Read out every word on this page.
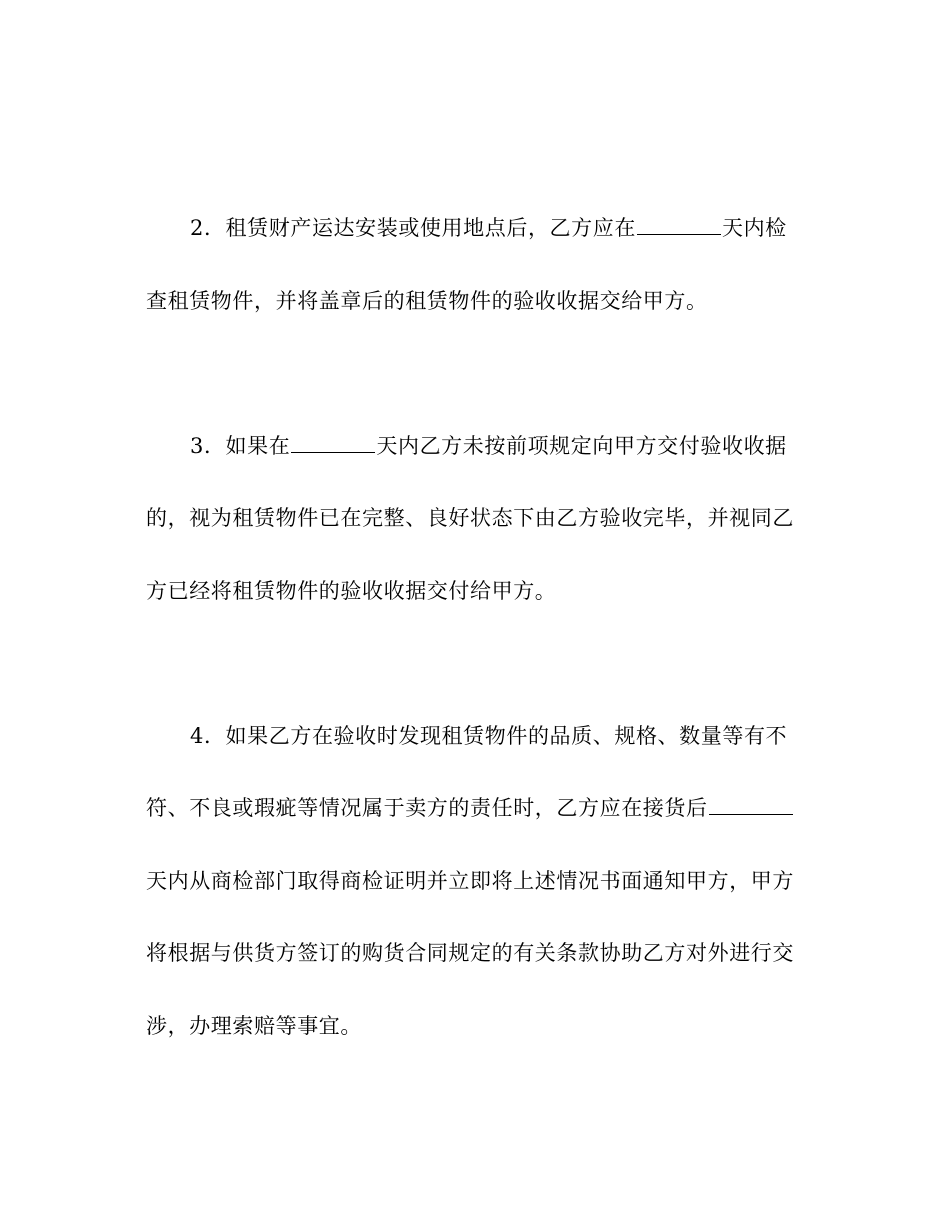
2．租赁财产运达安装或使用地点后，乙方应在	天内检
查租赁物件，并将盖章后的租赁物件的验收收据交给甲方。
3．如果在	天内乙方未按前项规定向甲方交付验收收据
的，视为租赁物件已在完整、良好状态下由乙方验收完毕，并视同乙
方已经将租赁物件的验收收据交付给甲方。
4．如果乙方在验收时发现租赁物件的品质、规格、数量等有不
符、不良或瑕疵等情况属于卖方的责任时，乙方应在接货后
天内从商检部门取得商检证明并立即将上述情况书面通知甲方，甲方
将根据与供货方签订的购货合同规定的有关条款协助乙方对外进行交
涉，办理索赔等事宜。
